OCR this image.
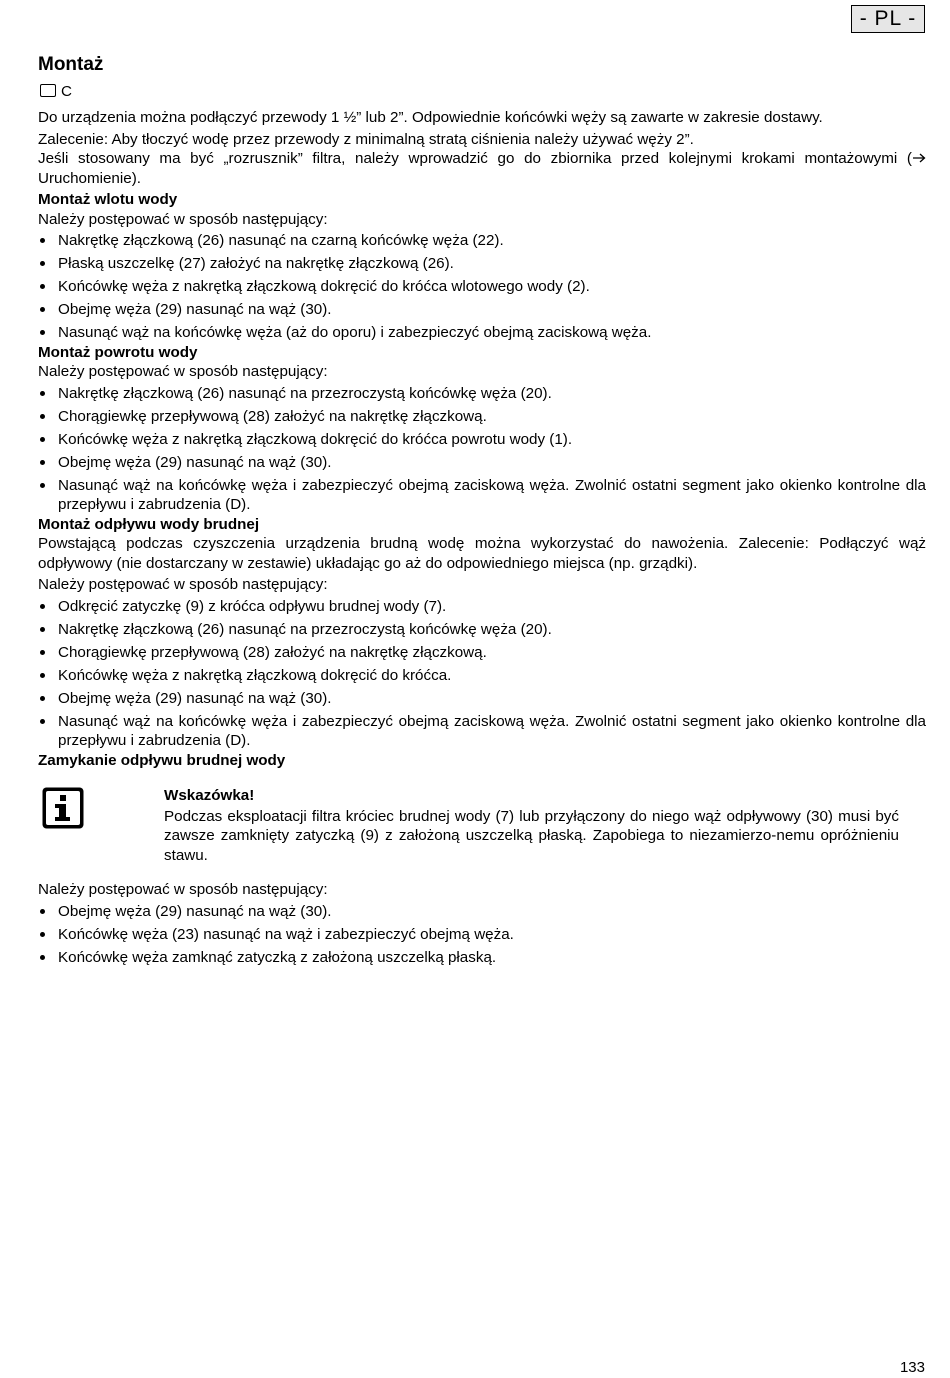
- PL -
Montaż
C

Do urządzenia można podłączyć przewody 1 ½” lub 2”. Odpowiednie końcówki węży są zawarte w zakresie dostawy.

Zalecenie: Aby tłoczyć wodę przez przewody z minimalną stratą ciśnienia należy używać węży 2”.

Jeśli stosowany ma być „rozrusznik” filtra, należy wprowadzić go do zbiornika przed kolejnymi krokami montażowymi (Uruchomienie).

Montaż wlotu wody

Należy postępować w sposób następujący:

Nakrętkę złączkową (26) nasunąć na czarną końcówkę węża (22).
Płaską uszczelkę (27) założyć na nakrętkę złączkową (26).
Końcówkę węża z nakrętką złączkową dokręcić do króćca wlotowego wody (2).
Obejmę węża (29) nasunąć na wąż (30).
Nasunąć wąż na końcówkę węża (aż do oporu) i zabezpieczyć obejmą zaciskową węża.
Montaż powrotu wody

Należy postępować w sposób następujący:

Nakrętkę złączkową (26) nasunąć na przezroczystą końcówkę węża (20).
Chorągiewkę przepływową (28) założyć na nakrętkę złączkową.
Końcówkę węża z nakrętką złączkową dokręcić do króćca powrotu wody (1).
Obejmę węża (29) nasunąć na wąż (30).
Nasunąć wąż na końcówkę węża i zabezpieczyć obejmą zaciskową węża. Zwolnić ostatni segment jako okienko kontrolne dla przepływu i zabrudzenia (D).
Montaż odpływu wody brudnej

Powstającą podczas czyszczenia urządzenia brudną wodę można wykorzystać do nawożenia. Zalecenie: Podłączyć wąż odpływowy (nie dostarczany w zestawie) układając go aż do odpowiedniego miejsca (np. grządki).

Należy postępować w sposób następujący:

Odkręcić zatyczkę (9) z króćca odpływu brudnej wody (7).
Nakrętkę złączkową (26) nasunąć na przezroczystą końcówkę węża (20).
Chorągiewkę przepływową (28) założyć na nakrętkę złączkową.
Końcówkę węża z nakrętką złączkową dokręcić do króćca.
Obejmę węża (29) nasunąć na wąż (30).
Nasunąć wąż na końcówkę węża i zabezpieczyć obejmą zaciskową węża. Zwolnić ostatni segment jako okienko kontrolne dla przepływu i zabrudzenia (D).
Zamykanie odpływu brudnej wody

Wskazówka!

Podczas eksploatacji filtra króciec brudnej wody (7) lub przyłączony do niego wąż odpływowy (30) musi być zawsze zamknięty zatyczką (9) z założoną uszczelką płaską. Zapobiega to niezamierzo-nemu opróżnieniu stawu.

Należy postępować w sposób następujący:

Obejmę węża (29) nasunąć na wąż (30).
Końcówkę węża (23) nasunąć na wąż i zabezpieczyć obejmą węża.
Końcówkę węża zamknąć zatyczką z założoną uszczelką płaską.
133
